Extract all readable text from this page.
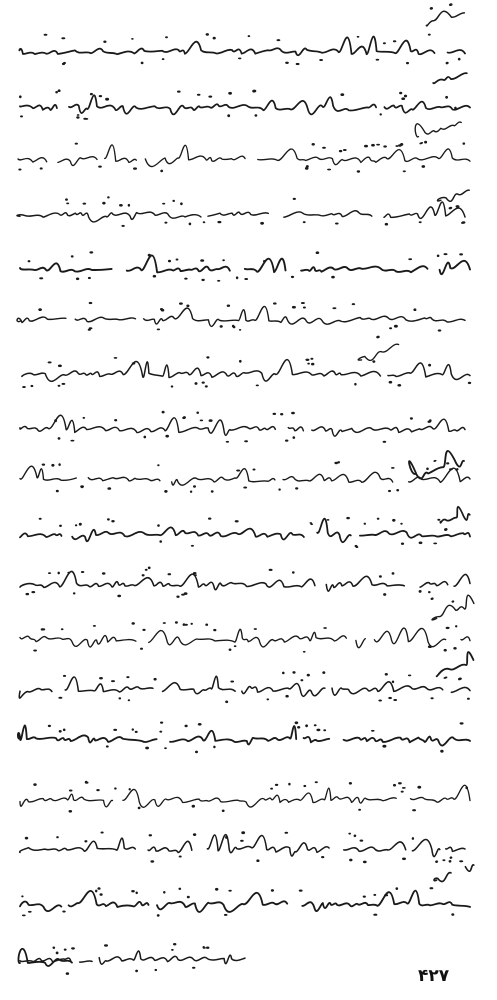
۴۲۷
